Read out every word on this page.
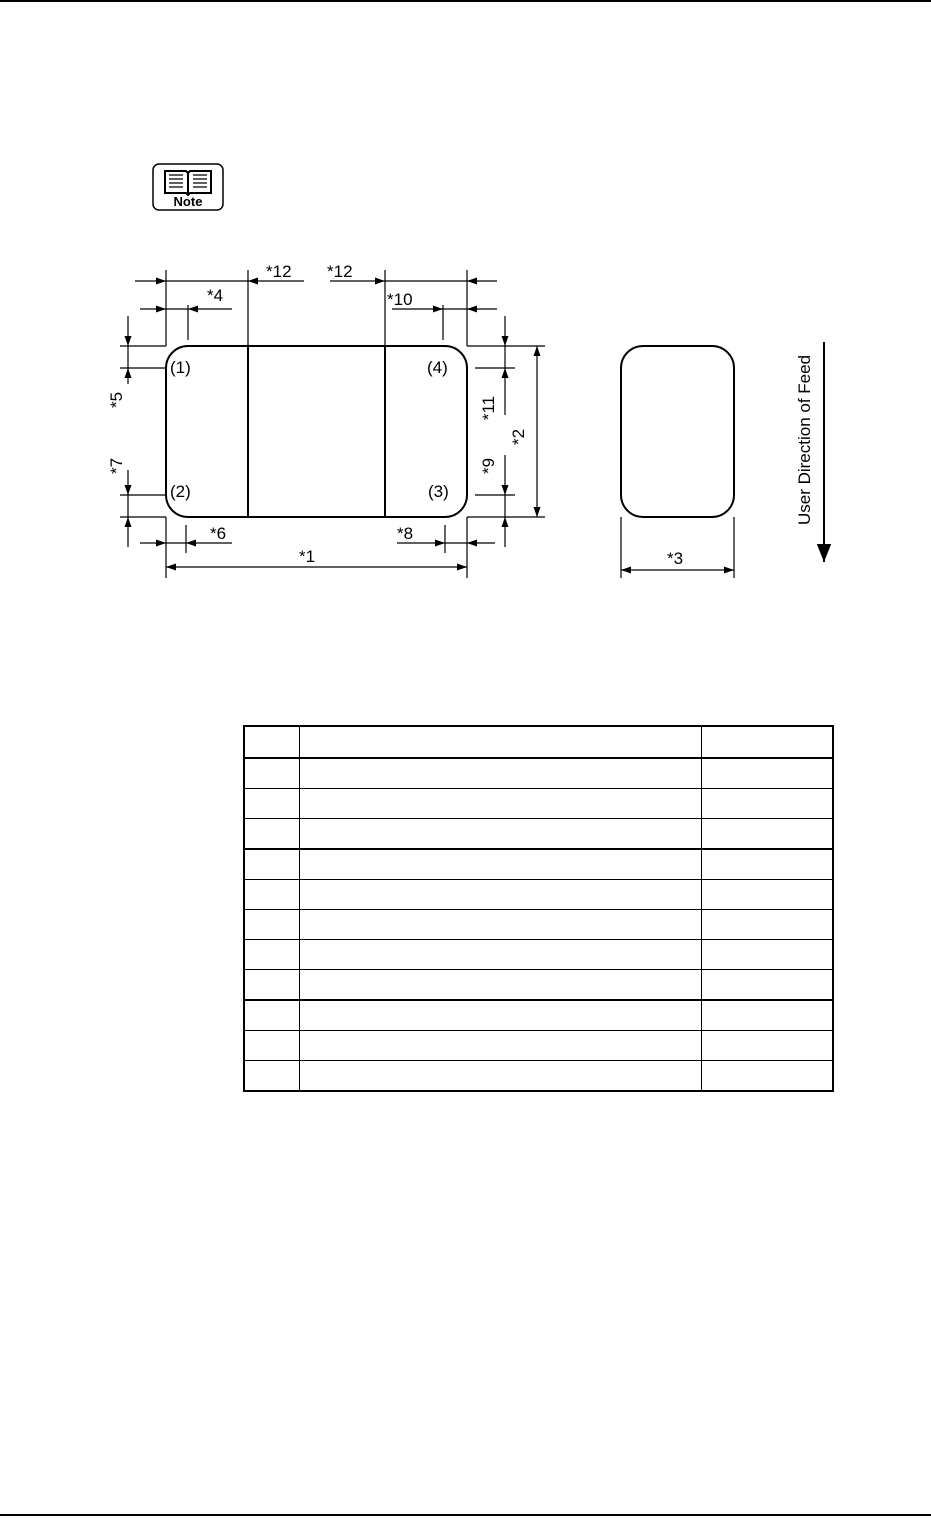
Note
*1
*2
*3
*4
*5
*6
*7
*8
*9
*10
*11
*12 *12
(1)
(2)	(3)
(4)	User Direction of Feed
